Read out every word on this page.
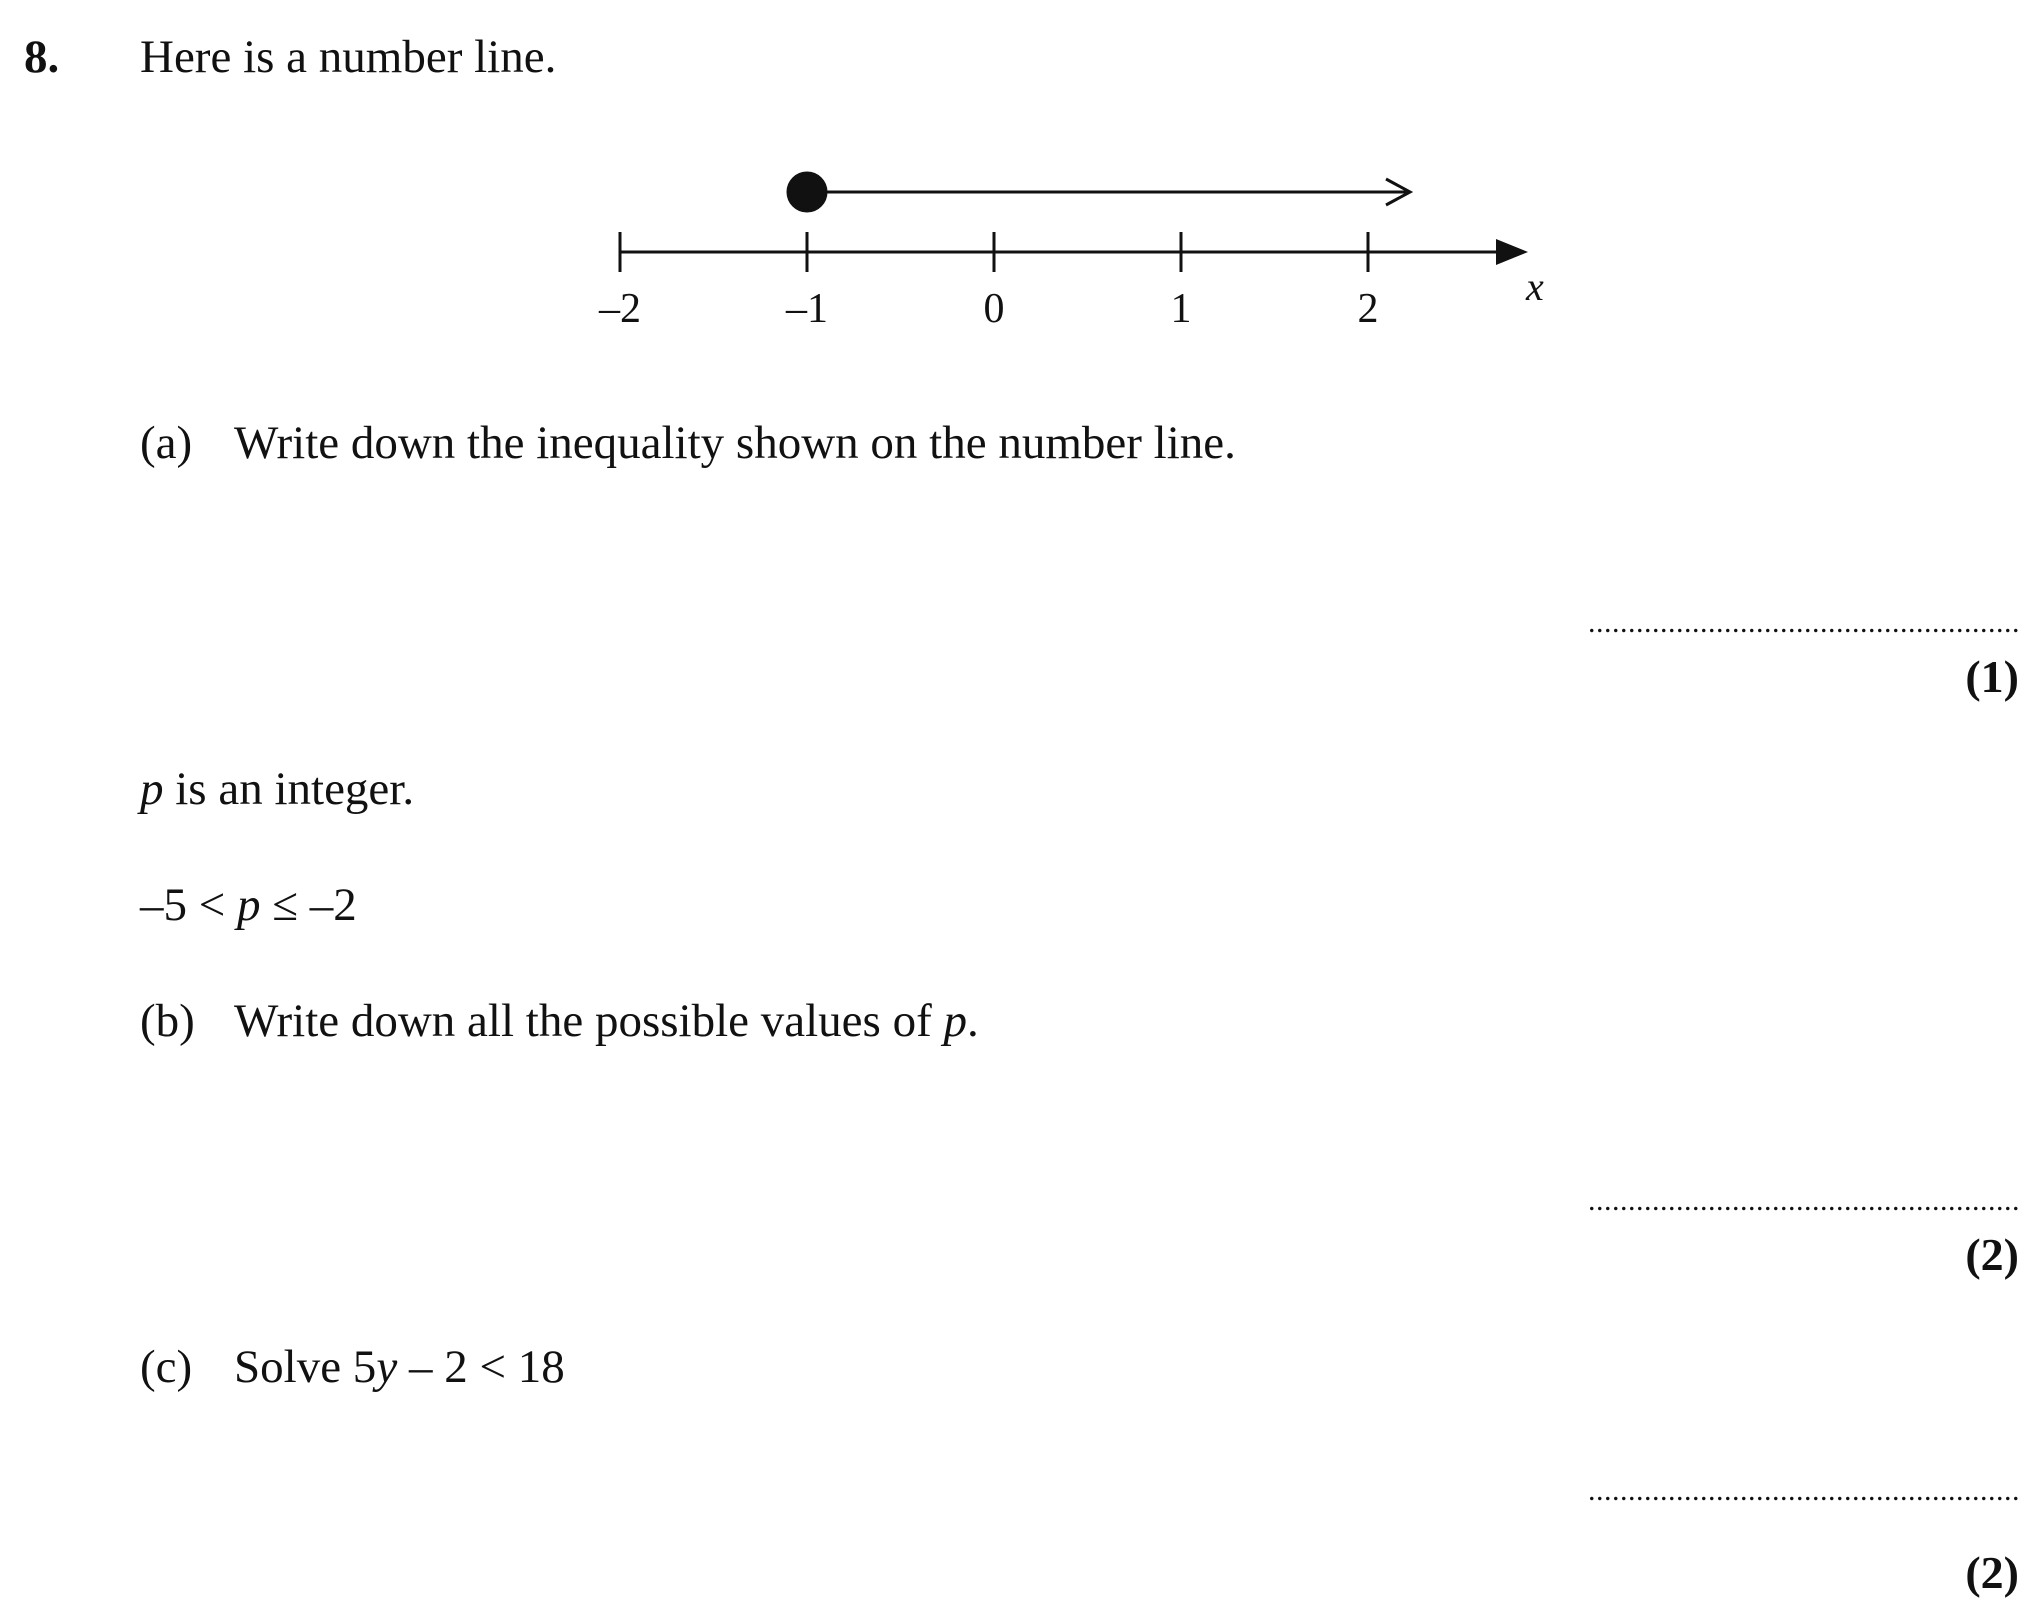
8. Here is a number line.
–2	–1	0	1	2	x
(a) Write down the inequality shown on the number line.
......................................................
(1)
p is an integer.
–5 < p ≤ –2
(b) Write down all the possible values of p.
......................................................
(2)
(c) Solve 5y – 2 < 18
......................................................
(2)
